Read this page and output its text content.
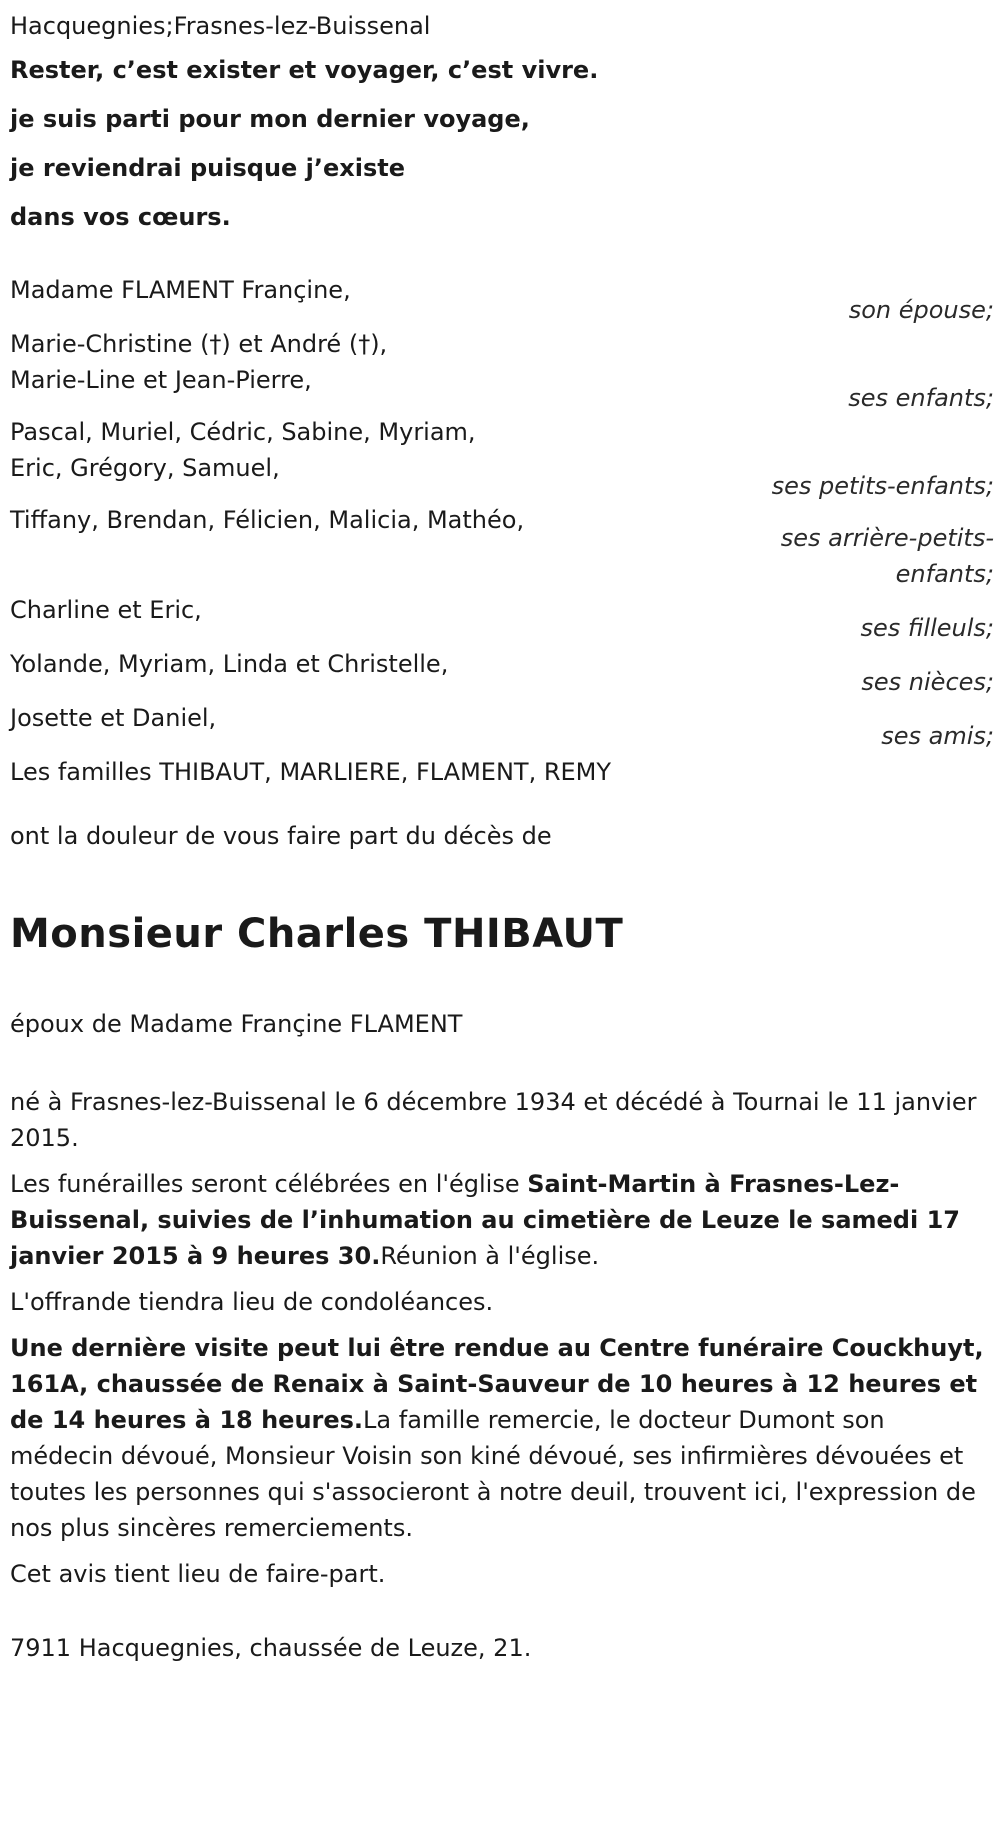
Hacquegnies;Frasnes-lez-Buissenal
Rester, c’est exister et voyager, c’est vivre.
je suis parti pour mon dernier voyage,
je reviendrai puisque j’existe
dans vos cœurs.
Madame FLAMENT Françine,
son épouse;
Marie-Christine (†) et André (†),
Marie-Line et Jean-Pierre,
ses enfants;
Pascal, Muriel, Cédric, Sabine, Myriam,
Eric, Grégory, Samuel,
ses petits-enfants;
Tiffany, Brendan, Félicien, Malicia, Mathéo,
ses arrière-petits-enfants;
Charline et Eric,
ses filleuls;
Yolande, Myriam, Linda et Christelle,
ses nièces;
Josette et Daniel,
ses amis;
Les familles THIBAUT, MARLIERE, FLAMENT, REMY
ont la douleur de vous faire part du décès de
Monsieur Charles THIBAUT
époux de Madame Françine FLAMENT

né à Frasnes-lez-Buissenal le 6 décembre 1934 et décédé à Tournai le 11 janvier 2015.

Les funérailles seront célébrées en l'église Saint-Martin à Frasnes-Lez-Buissenal, suivies de l’inhumation au cimetière de Leuze le samedi 17 janvier 2015 à 9 heures 30.Réunion à l'église.

L'offrande tiendra lieu de condoléances.

Une dernière visite peut lui être rendue au Centre funéraire Couckhuyt, 161A, chaussée de Renaix à Saint-Sauveur de 10 heures à 12 heures et de 14 heures à 18 heures.La famille remercie, le docteur Dumont son médecin dévoué, Monsieur Voisin son kiné dévoué, ses infirmières dévouées et toutes les personnes qui s'associeront à notre deuil, trouvent ici, l'expression de nos plus sincères remerciements.

Cet avis tient lieu de faire-part.

7911 Hacquegnies, chaussée de Leuze, 21.
